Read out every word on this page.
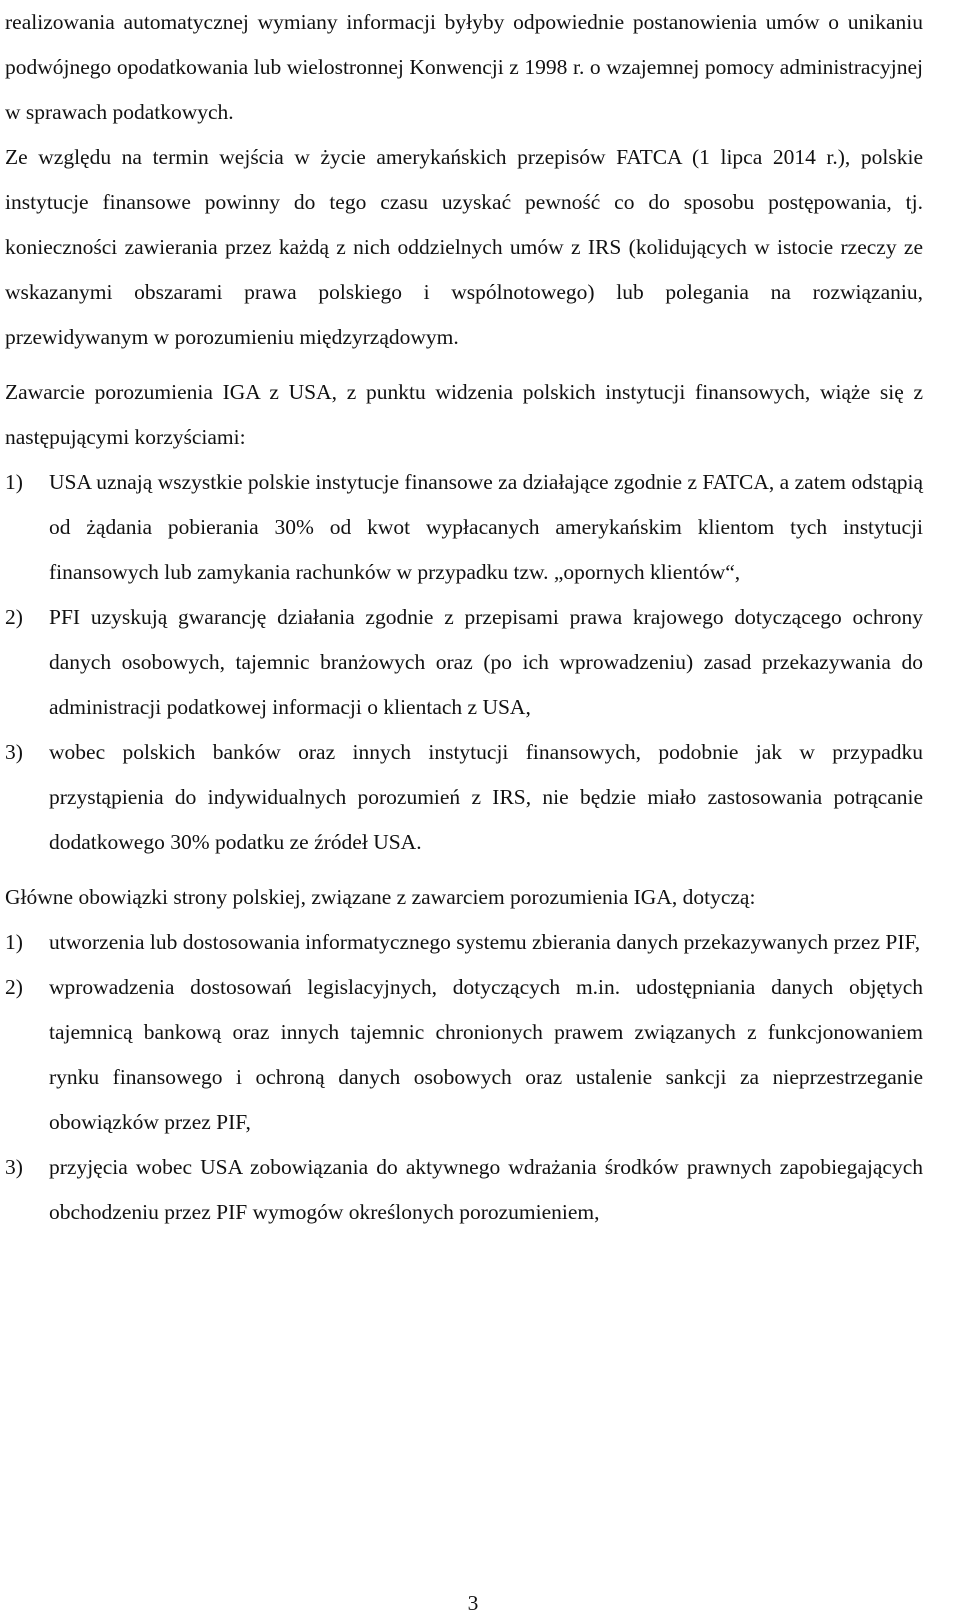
realizowania automatycznej wymiany informacji byłyby odpowiednie postanowienia umów o unikaniu podwójnego opodatkowania lub wielostronnej Konwencji z 1998 r. o wzajemnej pomocy administracyjnej w sprawach podatkowych.

Ze względu na termin wejścia w życie amerykańskich przepisów FATCA (1 lipca 2014 r.), polskie instytucje finansowe powinny do tego czasu uzyskać pewność co do sposobu postępowania, tj. konieczności zawierania przez każdą z nich oddzielnych umów z IRS (kolidujących w istocie rzeczy ze wskazanymi obszarami prawa polskiego i wspólnotowego) lub polegania na rozwiązaniu, przewidywanym w porozumieniu międzyrządowym.

Zawarcie porozumienia IGA z USA, z punktu widzenia polskich instytucji finansowych, wiąże się z następującymi korzyściami:

1) USA uznają wszystkie polskie instytucje finansowe za działające zgodnie z FATCA, a zatem odstąpią od żądania pobierania 30% od kwot wypłacanych amerykańskim klientom tych instytucji finansowych lub zamykania rachunków w przypadku tzw. „opornych klientów“,
2) PFI uzyskują gwarancję działania zgodnie z przepisami prawa krajowego dotyczącego ochrony danych osobowych, tajemnic branżowych oraz (po ich wprowadzeniu) zasad przekazywania do administracji podatkowej informacji o klientach z USA,
3) wobec polskich banków oraz innych instytucji finansowych, podobnie jak w przypadku przystąpienia do indywidualnych porozumień z IRS, nie będzie miało zastosowania potrącanie dodatkowego 30% podatku ze źródeł USA.

Główne obowiązki strony polskiej, związane z zawarciem porozumienia IGA, dotyczą:

1) utworzenia lub dostosowania informatycznego systemu zbierania danych przekazywanych przez PIF,
2) wprowadzenia dostosowań legislacyjnych, dotyczących m.in. udostępniania danych objętych tajemnicą bankową oraz innych tajemnic chronionych prawem związanych z funkcjonowaniem rynku finansowego i ochroną danych osobowych oraz ustalenie sankcji za nieprzestrzeganie obowiązków przez PIF,
3) przyjęcia wobec USA zobowiązania do aktywnego wdrażania środków prawnych zapobiegających obchodzeniu przez PIF wymogów określonych porozumieniem,
3
